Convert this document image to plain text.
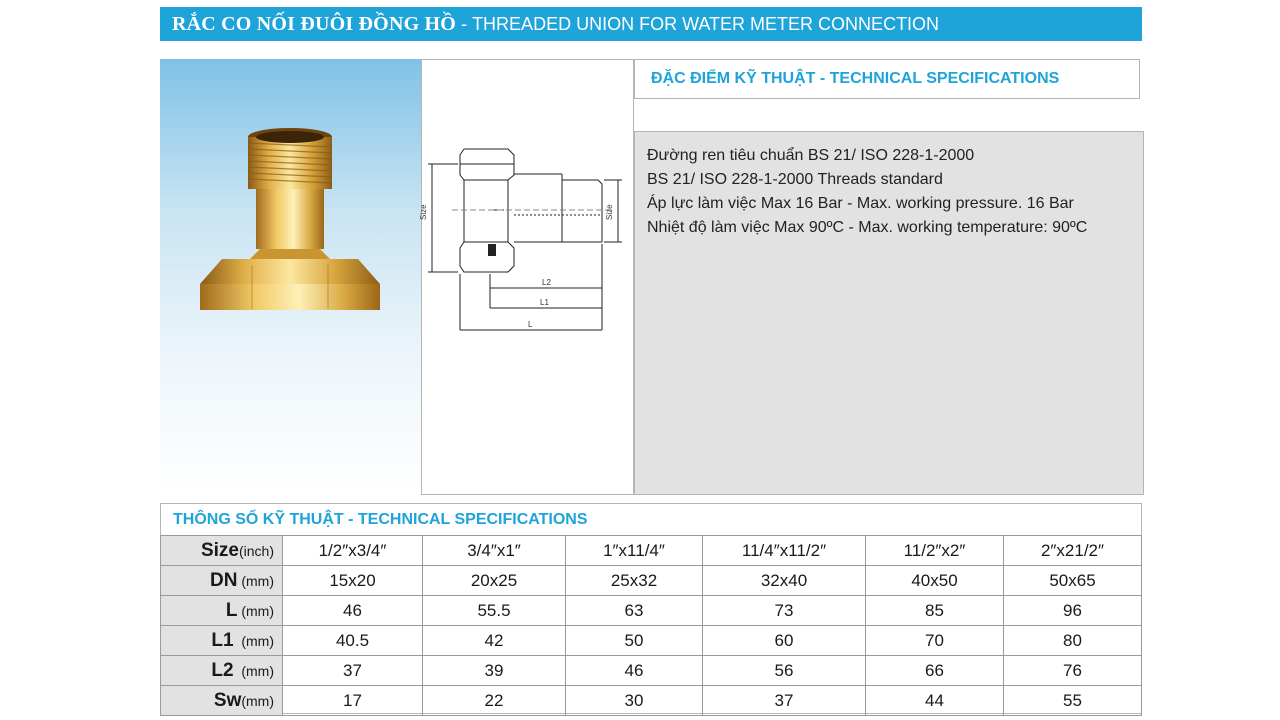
RẮC CO NỐI ĐUÔI ĐỒNG HỒ - THREADED UNION FOR WATER METER CONNECTION
Size	Size
L2
L1
L
ĐẶC ĐIỂM KỸ THUẬT - TECHNICAL SPECIFICATIONS
Đường ren tiêu chuẩn BS 21/ ISO 228-1-2000
BS 21/ ISO 228-1-2000 Threads standard
Áp lực làm việc Max 16 Bar - Max. working pressure. 16 Bar
Nhiệt độ làm việc Max 90ºC - Max. working temperature: 90ºC
THÔNG SỐ KỸ THUẬT - TECHNICAL SPECIFICATIONS
Size(inch)	1/2″x3/4″	3/4″x1″	1″x11/4″	11/4″x11/2″	11/2″x2″	2″x21/2″
DN (mm)	15x20	20x25	25x32	32x40	40x50	50x65
L (mm)	46	55.5	63	73	85	96
L1  (mm)	40.5	42	50	60	70	80
L2  (mm)	37	39	46	56	66	76
Sw(mm)	17	22	30	37	44	55
